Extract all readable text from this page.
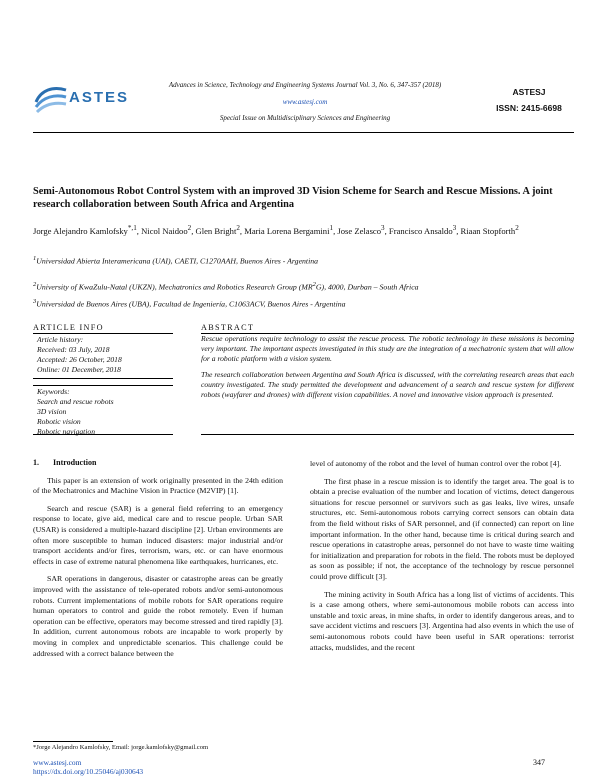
ASTES
Advances in Science, Technology and Engineering Systems Journal Vol. 3, No. 6, 347-357 (2018)
www.astesj.com
Special Issue on Multidisciplinary Sciences and Engineering
ASTESJ
ISSN: 2415-6698
Semi-Autonomous Robot Control System with an improved 3D Vision Scheme for Search and Rescue Missions. A joint research collaboration between South Africa and Argentina
Jorge Alejandro Kamlofsky$^{*,1}$, Nicol Naidoo$^2$, Glen Bright$^2$, Maria Lorena Bergamini$^1$, Jose Zelasco$^3$, Francisco Ansaldo$^3$, Riaan Stopforth$^2$
$^1$Universidad Abierta Interamericana (UAI), CAETI, C1270AAH, Buenos Aires - Argentina
$^2$University of KwaZulu-Natal (UKZN), Mechatronics and Robotics Research Group $(MR^2G)$, 4000, Durban – South Africa
$^3$Universidad de Buenos Aires (UBA), Facultad de Ingeniería, C1063ACV, Buenos Aires - Argentina
ARTICLE INFO
Article history:
Received: 03 July, 2018
Accepted: 26 October, 2018
Online: 01 December, 2018
Keywords:
Search and rescue robots
3D vision
Robotic vision
Robotic navigation
ABSTRACT

Rescue operations require technology to assist the rescue process. The robotic technology in these missions is becoming very important. The important aspects investigated in this study are the integration of a mechatronic system that will allow for a robotic platform with a vision system.

The research collaboration between Argentina and South Africa is discussed, with the correlating research areas that each country investigated. The study permitted the development and advancement of a search and rescue system for different robots (wayfarer and drones) with different vision capabilities. A novel and innovative vision approach is presented.

1. Introduction

This paper is an extension of work originally presented in the 24th edition of the Mechatronics and Machine Vision in Practice (M2VIP) [1].

Search and rescue (SAR) is a general field referring to an emergency response to locate, give aid, medical care and to rescue people. Urban SAR (USAR) is considered a multiple-hazard discipline [2]. Urban environments are often more susceptible to human induced disasters: major industrial and/or transport accidents and/or fires, terrorism, wars, etc. or can have enormous effects in case of extreme natural phenomena like earthquakes, hurricanes, etc.

SAR operations in dangerous, disaster or catastrophe areas can be greatly improved with the assistance of tele-operated robots and/or semi-autonomous robots. Current implementations of mobile robots for SAR operations require human operators to control and guide the robot remotely. Even if human operation can be effective, operators may become stressed and tired rapidly [3]. In addition, current autonomous robots are incapable to work properly by moving in complex and unpredictable scenarios. This challenge could be addressed with a correct balance between the

level of autonomy of the robot and the level of human control over the robot [4].

The first phase in a rescue mission is to identify the target area. The goal is to obtain a precise evaluation of the number and location of victims, detect dangerous situations for rescue personnel or survivors such as gas leaks, live wires, unsafe structures, etc. Semi-autonomous robots carrying correct sensors can obtain data from the field without risks of SAR personnel, and (if connected) can report on line important information. In the other hand, because time is critical during search and rescue operations in catastrophe areas, personnel do not have to waste time waiting for initialization and preparation for robots in the field. The robots must be deployed as soon as possible; if not, the acceptance of the technology by rescue personnel could prove difficult [3].

The mining activity in South Africa has a long list of victims of accidents. This is a case among others, where semi-autonomous mobile robots can access into unstable and toxic areas, in mine shafts, in order to identify dangerous areas, and to save accident victims and rescuers [3]. Argentina had also events in which the use of semi-autonomous robots could have been useful in SAR operations: terrorist attacks, mudslides, and the recent

*Jorge Alejandro Kamlofsky, Email: jorge.kamlofsky@gmail.com
www.astesj.com
https://dx.doi.org/10.25046/aj030643
347
